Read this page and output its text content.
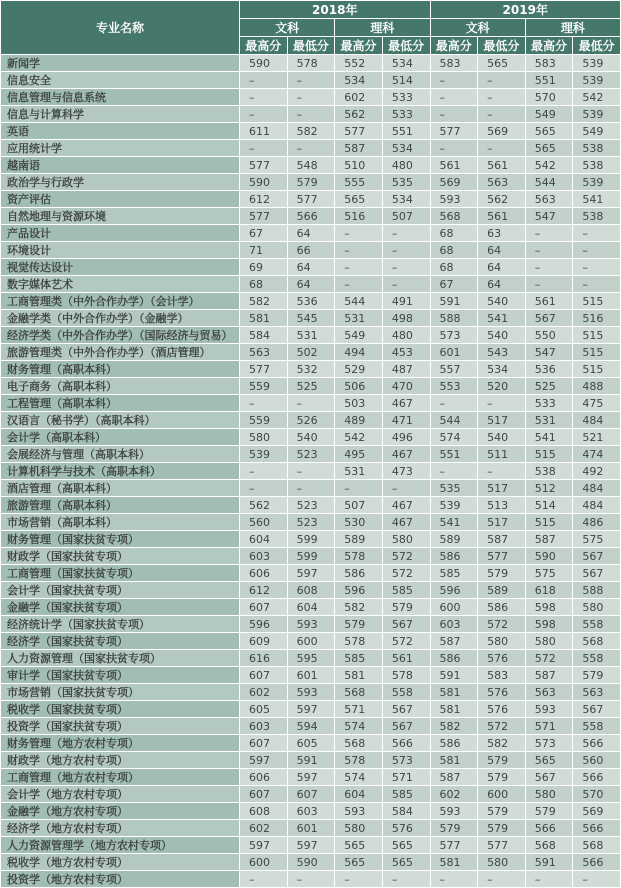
专业名称	2018年				2019年			
	文科		理科		文科		理科	
	最高分	最低分	最高分	最低分	最高分	最低分	最高分	最低分
新闻学	590	578	552	534	583	565	583	539
信息安全	–	–	534	514	–	–	551	539
信息管理与信息系统	–	–	602	533	–	–	570	542
信息与计算科学	–	–	562	533	–	–	549	539
英语	611	582	577	551	577	569	565	549
应用统计学	–	–	587	534	–	–	565	538
越南语	577	548	510	480	561	561	542	538
政治学与行政学	590	579	555	535	569	563	544	539
资产评估	612	577	565	534	593	562	563	541
自然地理与资源环境	577	566	516	507	568	561	547	538
产品设计	67	64	–	–	68	63	–	–
环境设计	71	66	–	–	68	64	–	–
视觉传达设计	69	64	–	–	68	64	–	–
数字媒体艺术	68	64	–	–	67	64	–	–
工商管理类（中外合作办学）（会计学）	582	536	544	491	591	540	561	515
金融学类（中外合作办学）（金融学）	581	545	531	498	588	541	567	516
经济学类（中外合作办学）（国际经济与贸易）	584	531	549	480	573	540	550	515
旅游管理类（中外合作办学）（酒店管理）	563	502	494	453	601	543	547	515
财务管理（高职本科）	577	532	529	487	557	534	536	515
电子商务（高职本科）	559	525	506	470	553	520	525	488
工程管理（高职本科）	–	–	503	467	–	–	533	475
汉语言（秘书学）（高职本科）	559	526	489	471	544	517	531	484
会计学（高职本科）	580	540	542	496	574	540	541	521
会展经济与管理（高职本科）	539	523	495	467	551	511	515	474
计算机科学与技术（高职本科）	–	–	531	473	–	–	538	492
酒店管理（高职本科）	–	–	–	–	535	517	512	484
旅游管理（高职本科）	562	523	507	467	539	513	514	484
市场营销（高职本科）	560	523	530	467	541	517	515	486
财务管理（国家扶贫专项）	604	599	589	580	589	587	587	575
财政学（国家扶贫专项）	603	599	578	572	586	577	590	567
工商管理（国家扶贫专项）	606	597	586	572	585	579	575	567
会计学（国家扶贫专项）	612	608	596	585	596	589	618	588
金融学（国家扶贫专项）	607	604	582	579	600	586	598	580
经济统计学（国家扶贫专项）	596	593	579	567	603	572	598	558
经济学（国家扶贫专项）	609	600	578	572	587	580	580	568
人力资源管理（国家扶贫专项）	616	595	585	561	586	576	572	558
审计学（国家扶贫专项）	607	601	581	578	591	583	587	579
市场营销（国家扶贫专项）	602	593	568	558	581	576	563	563
税收学（国家扶贫专项）	605	597	571	567	581	576	593	567
投资学（国家扶贫专项）	603	594	574	567	582	572	571	558
财务管理（地方农村专项）	607	605	568	566	586	582	573	566
财政学（地方农村专项）	597	591	578	573	581	579	565	560
工商管理（地方农村专项）	606	597	574	571	587	579	567	566
会计学（地方农村专项）	607	607	604	585	602	600	580	570
金融学（地方农村专项）	608	603	593	584	593	579	579	569
经济学（地方农村专项）	602	601	580	576	579	579	566	566
人力资源管理学（地方农村专项）	597	597	565	565	577	577	568	568
税收学（地方农村专项）	600	590	565	565	581	580	591	566
投资学（地方农村专项）	–	–	–	–	–	–	–	–
